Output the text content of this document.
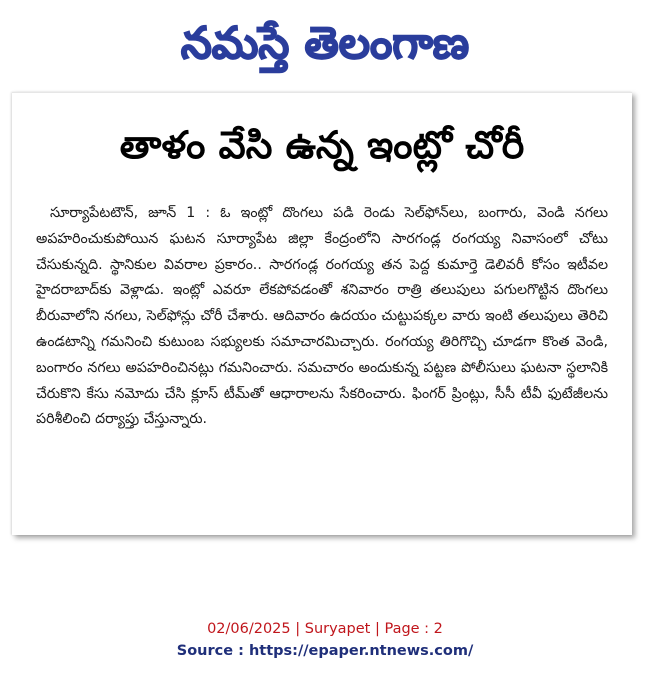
నమస్తే తెలంగాణ
తాళం వేసి ఉన్న ఇంట్లో చోరీ
సూర్యాపేటటౌన్, జూన్ 1 : ఓ ఇంట్లో దొంగలు పడి రెండు సెల్‌ఫోన్‌లు, బంగారు, వెండి నగలు అపహరించుకుపోయిన ఘటన సూర్యాపేట జిల్లా కేంద్రంలోని సారగండ్ల రంగయ్య నివాసంలో చోటు చేసుకున్నది. స్థానికుల వివరాల ప్రకారం.. సారగండ్ల రంగయ్య తన పెద్ద కుమార్తె డెలివరీ కోసం ఇటీవల హైదరాబాద్‌కు వెళ్లాడు. ఇంట్లో ఎవరూ లేకపోవడంతో శనివారం రాత్రి తలుపులు పగులగొట్టిన దొంగలు బీరువాలోని నగలు, సెల్‌ఫోన్లు చోరీ చేశారు. ఆదివారం ఉదయం చుట్టుపక్కల వారు ఇంటి తలుపులు తెరిచి ఉండటాన్ని గమనించి కుటుంబ సభ్యులకు సమాచారమిచ్చారు. రంగయ్య తిరిగొచ్చి చూడగా కొంత వెండి, బంగారం నగలు అపహరించినట్లు గమనించారు. సమచారం అందుకున్న పట్టణ పోలీసులు ఘటనా స్థలానికి చేరుకొని కేసు నమోదు చేసి క్లూస్ టీమ్‌తో ఆధారాలను సేకరించారు. ఫింగర్ ప్రింట్లు, సీసీ టీవీ ఫుటేజీలను పరిశీలించి దర్యాప్తు చేస్తున్నారు.
02/06/2025 | Suryapet | Page : 2
Source : https://epaper.ntnews.com/
